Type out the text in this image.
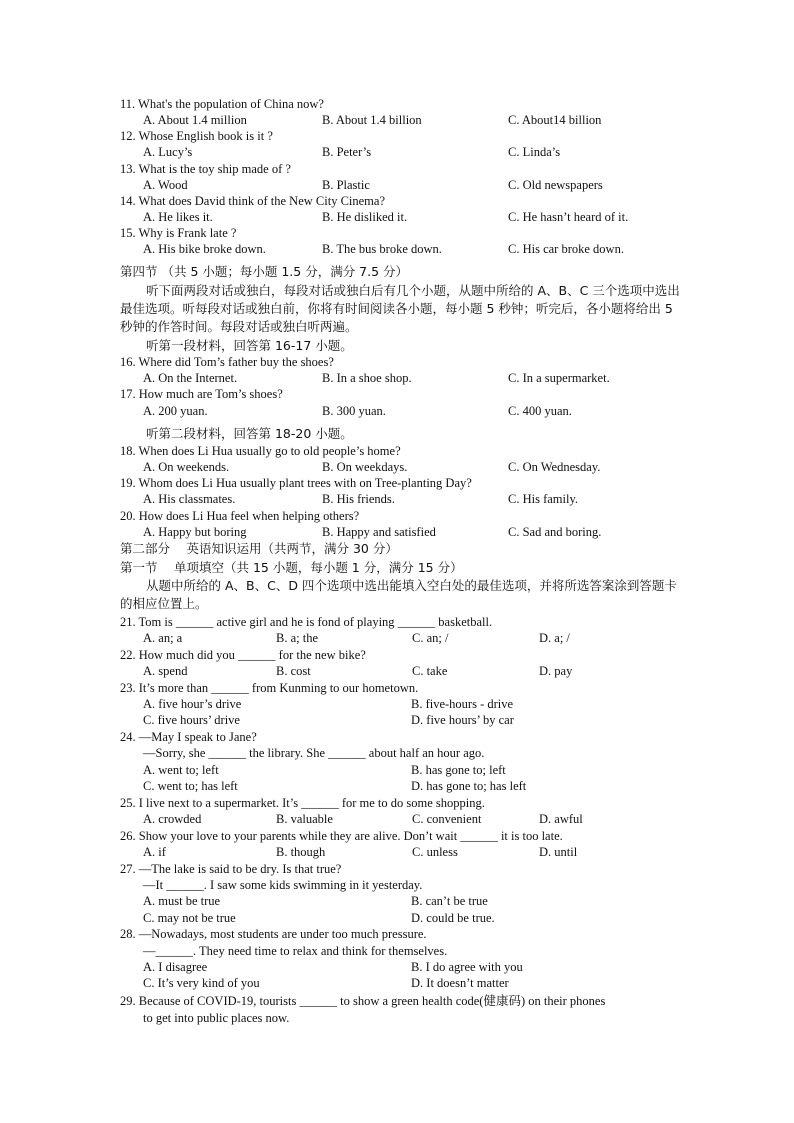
11. What's the population of China now?
A. About 1.4 million	B. About 1.4 billion	C. About14 billion
12. Whose English book is it ?
A. Lucy’s	B. Peter’s	C. Linda’s
13. What is the toy ship made of ?
A. Wood	B. Plastic	C. Old newspapers
14. What does David think of the New City Cinema?
A. He likes it.	B. He disliked it.	C. He hasn’t heard of it.
15. Why is Frank late ?
A. His bike broke down.	B. The bus broke down.	C. His car broke down.
第四节 （共 5 小题；每小题 1.5 分，满分 7.5 分）
听下面两段对话或独白，每段对话或独白后有几个小题，从题中所给的 A、B、C 三个选项中选出最佳选项。听每段对话或独白前，你将有时间阅读各小题，每小题 5 秒钟；听完后，各小题将给出 5 秒钟的作答时间。每段对话或独白听两遍。
听第一段材料，回答第 16-17 小题。
16. Where did Tom’s father buy the shoes?
A. On the Internet.	B. In a shoe shop.	C. In a supermarket.
17. How much are Tom’s shoes?
A. 200 yuan.	B. 300 yuan.	C. 400 yuan.
听第二段材料，回答第 18-20 小题。
18. When does Li Hua usually go to old people’s home?
A. On weekends.	B. On weekdays.	C. On Wednesday.
19. Whom does Li Hua usually plant trees with on Tree-planting Day?
A. His classmates.	B. His friends.	C. His family.
20. How does Li Hua feel when helping others?
A. Happy but boring	B. Happy and satisfied	C. Sad and boring.
第二部分 　英语知识运用（共两节，满分 30 分）
第一节 　单项填空（共 15 小题，每小题 1 分，满分 15 分）
从题中所给的 A、B、C、D 四个选项中选出能填入空白处的最佳选项，并将所选答案涂到答题卡的相应位置上。
21. Tom is ______ active girl and he is fond of playing ______ basketball.
A. an; a	B. a; the	C. an; /	D. a; /
22. How much did you ______ for the new bike?
A. spend	B. cost	C. take	D. pay
23. It’s more than ______ from Kunming to our hometown.
A. five hour’s drive	B. five-hours - drive
C. five hours’ drive	D. five hours’ by car
24. —May I speak to Jane?
—Sorry, she ______ the library. She ______ about half an hour ago.
A. went to; left	B. has gone to; left
C. went to; has left	D. has gone to; has left
25. I live next to a supermarket. It’s ______ for me to do some shopping.
A. crowded	B. valuable	C. convenient	D. awful
26. Show your love to your parents while they are alive. Don’t wait ______ it is too late.
A. if	B. though	C. unless	D. until
27. —The lake is said to be dry. Is that true?
—It ______. I saw some kids swimming in it yesterday.
A. must be true	B. can’t be true
C. may not be true	D. could be true.
28. —Nowadays, most students are under too much pressure.
—______. They need time to relax and think for themselves.
A. I disagree	B. I do agree with you
C. It’s very kind of you	D. It doesn’t matter
29. Because of COVID-19, tourists ______ to show a green health code(健康码) on their phones
to get into public places now.
